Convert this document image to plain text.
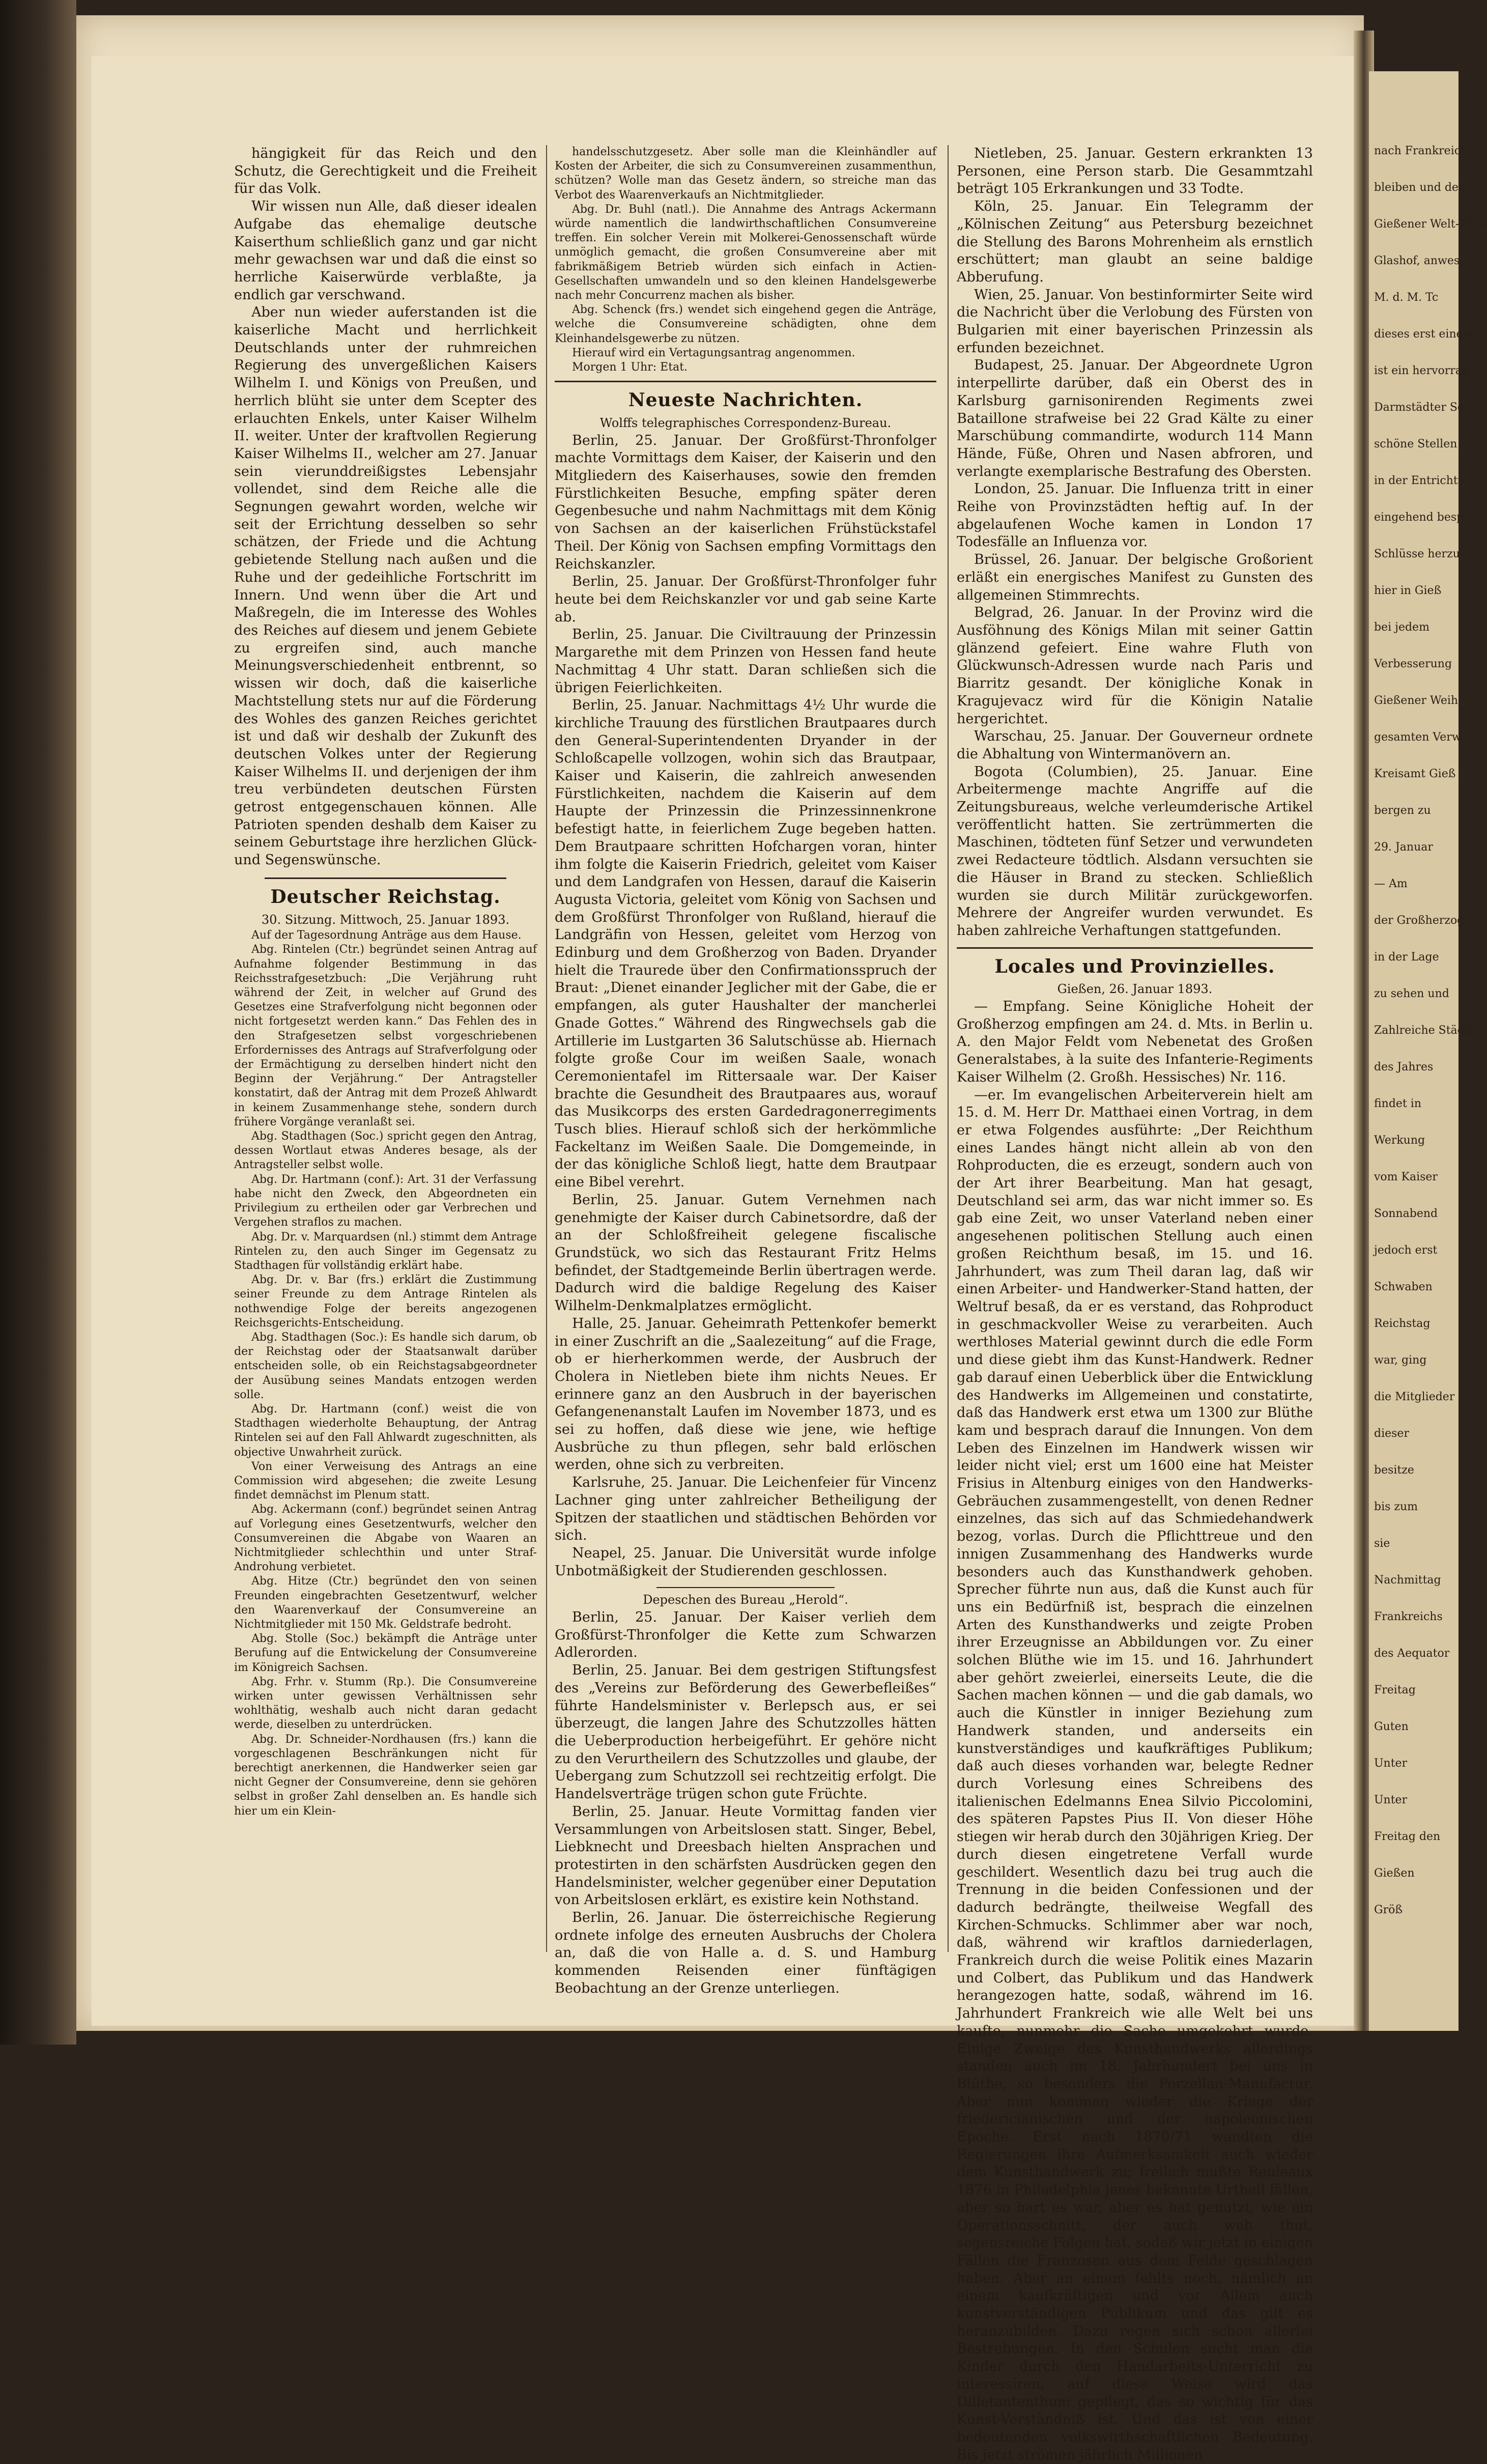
hängigkeit für das Reich und den Schutz, die Gerechtigkeit und die Freiheit für das Volk.

Wir wissen nun Alle, daß dieser idealen Aufgabe das ehemalige deutsche Kaiserthum schließlich ganz und gar nicht mehr gewachsen war und daß die einst so herrliche Kaiserwürde verblaßte, ja endlich gar verschwand.

Aber nun wieder auferstanden ist die kaiserliche Macht und herrlichkeit Deutschlands unter der ruhmreichen Regierung des unvergeßlichen Kaisers Wilhelm I. und Königs von Preußen, und herrlich blüht sie unter dem Scepter des erlauchten Enkels, unter Kaiser Wilhelm II. weiter. Unter der kraftvollen Regierung Kaiser Wilhelms II., welcher am 27. Januar sein vierunddreißigstes Lebensjahr vollendet, sind dem Reiche alle die Segnungen gewahrt worden, welche wir seit der Errichtung desselben so sehr schätzen, der Friede und die Achtung gebietende Stellung nach außen und die Ruhe und der gedeihliche Fortschritt im Innern. Und wenn über die Art und Maßregeln, die im Interesse des Wohles des Reiches auf diesem und jenem Gebiete zu ergreifen sind, auch manche Meinungsverschiedenheit entbrennt, so wissen wir doch, daß die kaiserliche Machtstellung stets nur auf die Förderung des Wohles des ganzen Reiches gerichtet ist und daß wir deshalb der Zukunft des deutschen Volkes unter der Regierung Kaiser Wilhelms II. und derjenigen der ihm treu verbündeten deutschen Fürsten getrost entgegenschauen können. Alle Patrioten spenden deshalb dem Kaiser zu seinem Geburtstage ihre herzlichen Glück- und Segenswünsche.

Deutscher Reichstag.

30. Sitzung. Mittwoch, 25. Januar 1893.

Auf der Tagesordnung Anträge aus dem Hause.

Abg. Rintelen (Ctr.) begründet seinen Antrag auf Aufnahme folgender Bestimmung in das Reichsstrafgesetzbuch: „Die Verjährung ruht während der Zeit, in welcher auf Grund des Gesetzes eine Strafverfolgung nicht begonnen oder nicht fortgesetzt werden kann.“ Das Fehlen des in den Strafgesetzen selbst vorgeschriebenen Erfordernisses des Antrags auf Strafverfolgung oder der Ermächtigung zu derselben hindert nicht den Beginn der Verjährung.“ Der Antragsteller konstatirt, daß der Antrag mit dem Prozeß Ahlwardt in keinem Zusammenhange stehe, sondern durch frühere Vorgänge veranlaßt sei.

Abg. Stadthagen (Soc.) spricht gegen den Antrag, dessen Wortlaut etwas Anderes besage, als der Antragsteller selbst wolle.

Abg. Dr. Hartmann (conf.): Art. 31 der Verfassung habe nicht den Zweck, den Abgeordneten ein Privilegium zu ertheilen oder gar Verbrechen und Vergehen straflos zu machen.

Abg. Dr. v. Marquardsen (nl.) stimmt dem Antrage Rintelen zu, den auch Singer im Gegensatz zu Stadthagen für vollständig erklärt habe.

Abg. Dr. v. Bar (frs.) erklärt die Zustimmung seiner Freunde zu dem Antrage Rintelen als nothwendige Folge der bereits angezogenen Reichsgerichts-Entscheidung.

Abg. Stadthagen (Soc.): Es handle sich darum, ob der Reichstag oder der Staatsanwalt darüber entscheiden solle, ob ein Reichstagsabgeordneter der Ausübung seines Mandats entzogen werden solle.

Abg. Dr. Hartmann (conf.) weist die von Stadthagen wiederholte Behauptung, der Antrag Rintelen sei auf den Fall Ahlwardt zugeschnitten, als objective Unwahrheit zurück.

Von einer Verweisung des Antrags an eine Commission wird abgesehen; die zweite Lesung findet demnächst im Plenum statt.

Abg. Ackermann (conf.) begründet seinen Antrag auf Vorlegung eines Gesetzentwurfs, welcher den Consumvereinen die Abgabe von Waaren an Nichtmitglieder schlechthin und unter Straf-Androhung verbietet.

Abg. Hitze (Ctr.) begründet den von seinen Freunden eingebrachten Gesetzentwurf, welcher den Waarenverkauf der Consumvereine an Nichtmitglieder mit 150 Mk. Geldstrafe bedroht.

Abg. Stolle (Soc.) bekämpft die Anträge unter Berufung auf die Entwickelung der Consumvereine im Königreich Sachsen.

Abg. Frhr. v. Stumm (Rp.). Die Consumvereine wirken unter gewissen Verhältnissen sehr wohlthätig, weshalb auch nicht daran gedacht werde, dieselben zu unterdrücken.

Abg. Dr. Schneider-Nordhausen (frs.) kann die vorgeschlagenen Beschränkungen nicht für berechtigt anerkennen, die Handwerker seien gar nicht Gegner der Consumvereine, denn sie gehören selbst in großer Zahl denselben an. Es handle sich hier um ein Klein-

handelsschutzgesetz. Aber solle man die Kleinhändler auf Kosten der Arbeiter, die sich zu Consumvereinen zusammenthun, schützen? Wolle man das Gesetz ändern, so streiche man das Verbot des Waarenverkaufs an Nichtmitglieder.

Abg. Dr. Buhl (natl.). Die Annahme des Antrags Ackermann würde namentlich die landwirthschaftlichen Consumvereine treffen. Ein solcher Verein mit Molkerei-Genossenschaft würde unmöglich gemacht, die großen Consumvereine aber mit fabrikmäßigem Betrieb würden sich einfach in Actien-Gesellschaften umwandeln und so den kleinen Handelsgewerbe nach mehr Concurrenz machen als bisher.

Abg. Schenck (frs.) wendet sich eingehend gegen die Anträge, welche die Consumvereine schädigten, ohne dem Kleinhandelsgewerbe zu nützen.

Hierauf wird ein Vertagungsantrag angenommen.

Morgen 1 Uhr: Etat.

Neueste Nachrichten.

Wolffs telegraphisches Correspondenz-Bureau.

Berlin, 25. Januar. Der Großfürst-Thronfolger machte Vormittags dem Kaiser, der Kaiserin und den Mitgliedern des Kaiserhauses, sowie den fremden Fürstlichkeiten Besuche, empfing später deren Gegenbesuche und nahm Nachmittags mit dem König von Sachsen an der kaiserlichen Frühstückstafel Theil. Der König von Sachsen empfing Vormittags den Reichskanzler.

Berlin, 25. Januar. Der Großfürst-Thronfolger fuhr heute bei dem Reichskanzler vor und gab seine Karte ab.

Berlin, 25. Januar. Die Civiltrauung der Prinzessin Margarethe mit dem Prinzen von Hessen fand heute Nachmittag 4 Uhr statt. Daran schließen sich die übrigen Feierlichkeiten.

Berlin, 25. Januar. Nachmittags 4½ Uhr wurde die kirchliche Trauung des fürstlichen Brautpaares durch den General-Superintendenten Dryander in der Schloßcapelle vollzogen, wohin sich das Brautpaar, Kaiser und Kaiserin, die zahlreich anwesenden Fürstlichkeiten, nachdem die Kaiserin auf dem Haupte der Prinzessin die Prinzessinnenkrone befestigt hatte, in feierlichem Zuge begeben hatten. Dem Brautpaare schritten Hofchargen voran, hinter ihm folgte die Kaiserin Friedrich, geleitet vom Kaiser und dem Landgrafen von Hessen, darauf die Kaiserin Augusta Victoria, geleitet vom König von Sachsen und dem Großfürst Thronfolger von Rußland, hierauf die Landgräfin von Hessen, geleitet vom Herzog von Edinburg und dem Großherzog von Baden. Dryander hielt die Traurede über den Confirmationsspruch der Braut: „Dienet einander Jeglicher mit der Gabe, die er empfangen, als guter Haushalter der mancherlei Gnade Gottes.“ Während des Ringwechsels gab die Artillerie im Lustgarten 36 Salutschüsse ab. Hiernach folgte große Cour im weißen Saale, wonach Ceremonientafel im Rittersaale war. Der Kaiser brachte die Gesundheit des Brautpaares aus, worauf das Musikcorps des ersten Gardedragonerregiments Tusch blies. Hierauf schloß sich der herkömmliche Fackeltanz im Weißen Saale. Die Domgemeinde, in der das königliche Schloß liegt, hatte dem Brautpaar eine Bibel verehrt.

Berlin, 25. Januar. Gutem Vernehmen nach genehmigte der Kaiser durch Cabinetsordre, daß der an der Schloßfreiheit gelegene fiscalische Grundstück, wo sich das Restaurant Fritz Helms befindet, der Stadtgemeinde Berlin übertragen werde. Dadurch wird die baldige Regelung des Kaiser Wilhelm-Denkmalplatzes ermöglicht.

Halle, 25. Januar. Geheimrath Pettenkofer bemerkt in einer Zuschrift an die „Saalezeitung“ auf die Frage, ob er hierherkommen werde, der Ausbruch der Cholera in Nietleben biete ihm nichts Neues. Er erinnere ganz an den Ausbruch in der bayerischen Gefangenenanstalt Laufen im November 1873, und es sei zu hoffen, daß diese wie jene, wie heftige Ausbrüche zu thun pflegen, sehr bald erlöschen werden, ohne sich zu verbreiten.

Karlsruhe, 25. Januar. Die Leichenfeier für Vincenz Lachner ging unter zahlreicher Betheiligung der Spitzen der staatlichen und städtischen Behörden vor sich.

Neapel, 25. Januar. Die Universität wurde infolge Unbotmäßigkeit der Studierenden geschlossen.

Depeschen des Bureau „Herold“.

Berlin, 25. Januar. Der Kaiser verlieh dem Großfürst-Thronfolger die Kette zum Schwarzen Adlerorden.

Berlin, 25. Januar. Bei dem gestrigen Stiftungsfest des „Vereins zur Beförderung des Gewerbefleißes“ führte Handelsminister v. Berlepsch aus, er sei überzeugt, die langen Jahre des Schutzzolles hätten die Ueberproduction herbeigeführt. Er gehöre nicht zu den Verurtheilern des Schutzzolles und glaube, der Uebergang zum Schutzzoll sei rechtzeitig erfolgt. Die Handelsverträge trügen schon gute Früchte.

Berlin, 25. Januar. Heute Vormittag fanden vier Versammlungen von Arbeitslosen statt. Singer, Bebel, Liebknecht und Dreesbach hielten Ansprachen und protestirten in den schärfsten Ausdrücken gegen den Handelsminister, welcher gegenüber einer Deputation von Arbeitslosen erklärt, es existire kein Nothstand.

Berlin, 26. Januar. Die österreichische Regierung ordnete infolge des erneuten Ausbruchs der Cholera an, daß die von Halle a. d. S. und Hamburg kommenden Reisenden einer fünftägigen Beobachtung an der Grenze unterliegen.

Nietleben, 25. Januar. Gestern erkrankten 13 Personen, eine Person starb. Die Gesammtzahl beträgt 105 Erkrankungen und 33 Todte.

Köln, 25. Januar. Ein Telegramm der „Kölnischen Zeitung“ aus Petersburg bezeichnet die Stellung des Barons Mohrenheim als ernstlich erschüttert; man glaubt an seine baldige Abberufung.

Wien, 25. Januar. Von bestinformirter Seite wird die Nachricht über die Verlobung des Fürsten von Bulgarien mit einer bayerischen Prinzessin als erfunden bezeichnet.

Budapest, 25. Januar. Der Abgeordnete Ugron interpellirte darüber, daß ein Oberst des in Karlsburg garnisonirenden Regiments zwei Bataillone strafweise bei 22 Grad Kälte zu einer Marschübung commandirte, wodurch 114 Mann Hände, Füße, Ohren und Nasen abfroren, und verlangte exemplarische Bestrafung des Obersten.

London, 25. Januar. Die Influenza tritt in einer Reihe von Provinzstädten heftig auf. In der abgelaufenen Woche kamen in London 17 Todesfälle an Influenza vor.

Brüssel, 26. Januar. Der belgische Großorient erläßt ein energisches Manifest zu Gunsten des allgemeinen Stimmrechts.

Belgrad, 26. Januar. In der Provinz wird die Ausföhnung des Königs Milan mit seiner Gattin glänzend gefeiert. Eine wahre Fluth von Glückwunsch-Adressen wurde nach Paris und Biarritz gesandt. Der königliche Konak in Kragujevacz wird für die Königin Natalie hergerichtet.

Warschau, 25. Januar. Der Gouverneur ordnete die Abhaltung von Wintermanövern an.

Bogota (Columbien), 25. Januar. Eine Arbeitermenge machte Angriffe auf die Zeitungsbureaus, welche verleumderische Artikel veröffentlicht hatten. Sie zertrümmerten die Maschinen, tödteten fünf Setzer und verwundeten zwei Redacteure tödtlich. Alsdann versuchten sie die Häuser in Brand zu stecken. Schließlich wurden sie durch Militär zurückgeworfen. Mehrere der Angreifer wurden verwundet. Es haben zahlreiche Verhaftungen stattgefunden.

Locales und Provinzielles.

Gießen, 26. Januar 1893.

— Empfang. Seine Königliche Hoheit der Großherzog empfingen am 24. d. Mts. in Berlin u. A. den Major Feldt vom Nebenetat des Großen Generalstabes, à la suite des Infanterie-Regiments Kaiser Wilhelm (2. Großh. Hessisches) Nr. 116.

—er. Im evangelischen Arbeiterverein hielt am 15. d. M. Herr Dr. Matthaei einen Vortrag, in dem er etwa Folgendes ausführte: „Der Reichthum eines Landes hängt nicht allein ab von den Rohproducten, die es erzeugt, sondern auch von der Art ihrer Bearbeitung. Man hat gesagt, Deutschland sei arm, das war nicht immer so. Es gab eine Zeit, wo unser Vaterland neben einer angesehenen politischen Stellung auch einen großen Reichthum besaß, im 15. und 16. Jahrhundert, was zum Theil daran lag, daß wir einen Arbeiter- und Handwerker-Stand hatten, der Weltruf besaß, da er es verstand, das Rohproduct in geschmackvoller Weise zu verarbeiten. Auch werthloses Material gewinnt durch die edle Form und diese giebt ihm das Kunst-Handwerk. Redner gab darauf einen Ueberblick über die Entwicklung des Handwerks im Allgemeinen und constatirte, daß das Handwerk erst etwa um 1300 zur Blüthe kam und besprach darauf die Innungen. Von dem Leben des Einzelnen im Handwerk wissen wir leider nicht viel; erst um 1600 eine hat Meister Frisius in Altenburg einiges von den Handwerks-Gebräuchen zusammengestellt, von denen Redner einzelnes, das sich auf das Schmiedehandwerk bezog, vorlas. Durch die Pflichttreue und den innigen Zusammenhang des Handwerks wurde besonders auch das Kunsthandwerk gehoben. Sprecher führte nun aus, daß die Kunst auch für uns ein Bedürfniß ist, besprach die einzelnen Arten des Kunsthandwerks und zeigte Proben ihrer Erzeugnisse an Abbildungen vor. Zu einer solchen Blüthe wie im 15. und 16. Jahrhundert aber gehört zweierlei, einerseits Leute, die die Sachen machen können — und die gab damals, wo auch die Künstler in inniger Beziehung zum Handwerk standen, und anderseits ein kunstverständiges und kaufkräftiges Publikum; daß auch dieses vorhanden war, belegte Redner durch Vorlesung eines Schreibens des italienischen Edelmanns Enea Silvio Piccolomini, des späteren Papstes Pius II. Von dieser Höhe stiegen wir herab durch den 30jährigen Krieg. Der durch diesen eingetretene Verfall wurde geschildert. Wesentlich dazu bei trug auch die Trennung in die beiden Confessionen und der dadurch bedrängte, theilweise Wegfall des Kirchen-Schmucks. Schlimmer aber war noch, daß, während wir kraftlos darniederlagen, Frankreich durch die weise Politik eines Mazarin und Colbert, das Publikum und das Handwerk herangezogen hatte, sodaß, während im 16. Jahrhundert Frankreich wie alle Welt bei uns kaufte, nunmehr die Sache umgekehrt wurde. Einige Zweige des Kunsthandwerks allerdings standen auch im 18. Jahrhundert bei uns in Blüthe, so besonders die Porzellan-Manufactur. Aber nun kommen wieder die Kriege der friedericianischen und der napoleonischen Epoche. Erst nach 1870/71 wandten die Regierungen ihre Aufmerksamkeit auch wieder dem Kunsthandwerk zu; freilich mußte Reuleaux 1876 in Philadelphia jenes bekannte Urtheil fällen, aber so hart es war, aber es hat genutzt, wie ein Operationsschnitt, der auch weh thut, segensreiche Folgen hat, sodaß wir jetzt in einigen Fällen die Franzosen aus dem Felde geschlagen haben. Aber an einem fehlts noch, nämlich an einem kaufkräftigen und vor Allem auch kunstverständigen Publikum und das gilt es heranzubilden. Dazu regen sich schon allerlei Bestrebungen. In den Schulen sucht man die Kinder durch den Handarbeits-Unterricht zu interessiren, auf diese Weise wird das Dilletantenthum gepflegt, das so wichtig für das Kunst-Verständniß ist. Und das ist von einer bedeutenden volkswirthschaftlichen Bedeutung. Bis jetzt strömen jährlich Millionen

nach Frankreich,
bleiben und den
Gießener Welt-Tüch
Glashof, anwes
M. d. M. Tc
dieses erst einem
ist ein hervorrag
Darmstädter So
schöne Stellen
in der Entrichtur
eingehend bespr
Schlüsse herzu
hier in Gieß
bei jedem
Verbesserung
Gießener Weih
gesamten Verw
Kreisamt Gieß
bergen zu
29. Januar
— Am
der Großherzog
in der Lage
zu sehen und
Zahlreiche Städte
des Jahres
findet in
Werkung
vom Kaiser
Sonnabend
jedoch erst
Schwaben
Reichstag
war, ging
die Mitglieder
dieser
besitze
bis zum
sie
Nachmittag
Frankreichs
des Aequator
Freitag
Guten
Unter
Unter
Freitag den
Gießen
Größ
